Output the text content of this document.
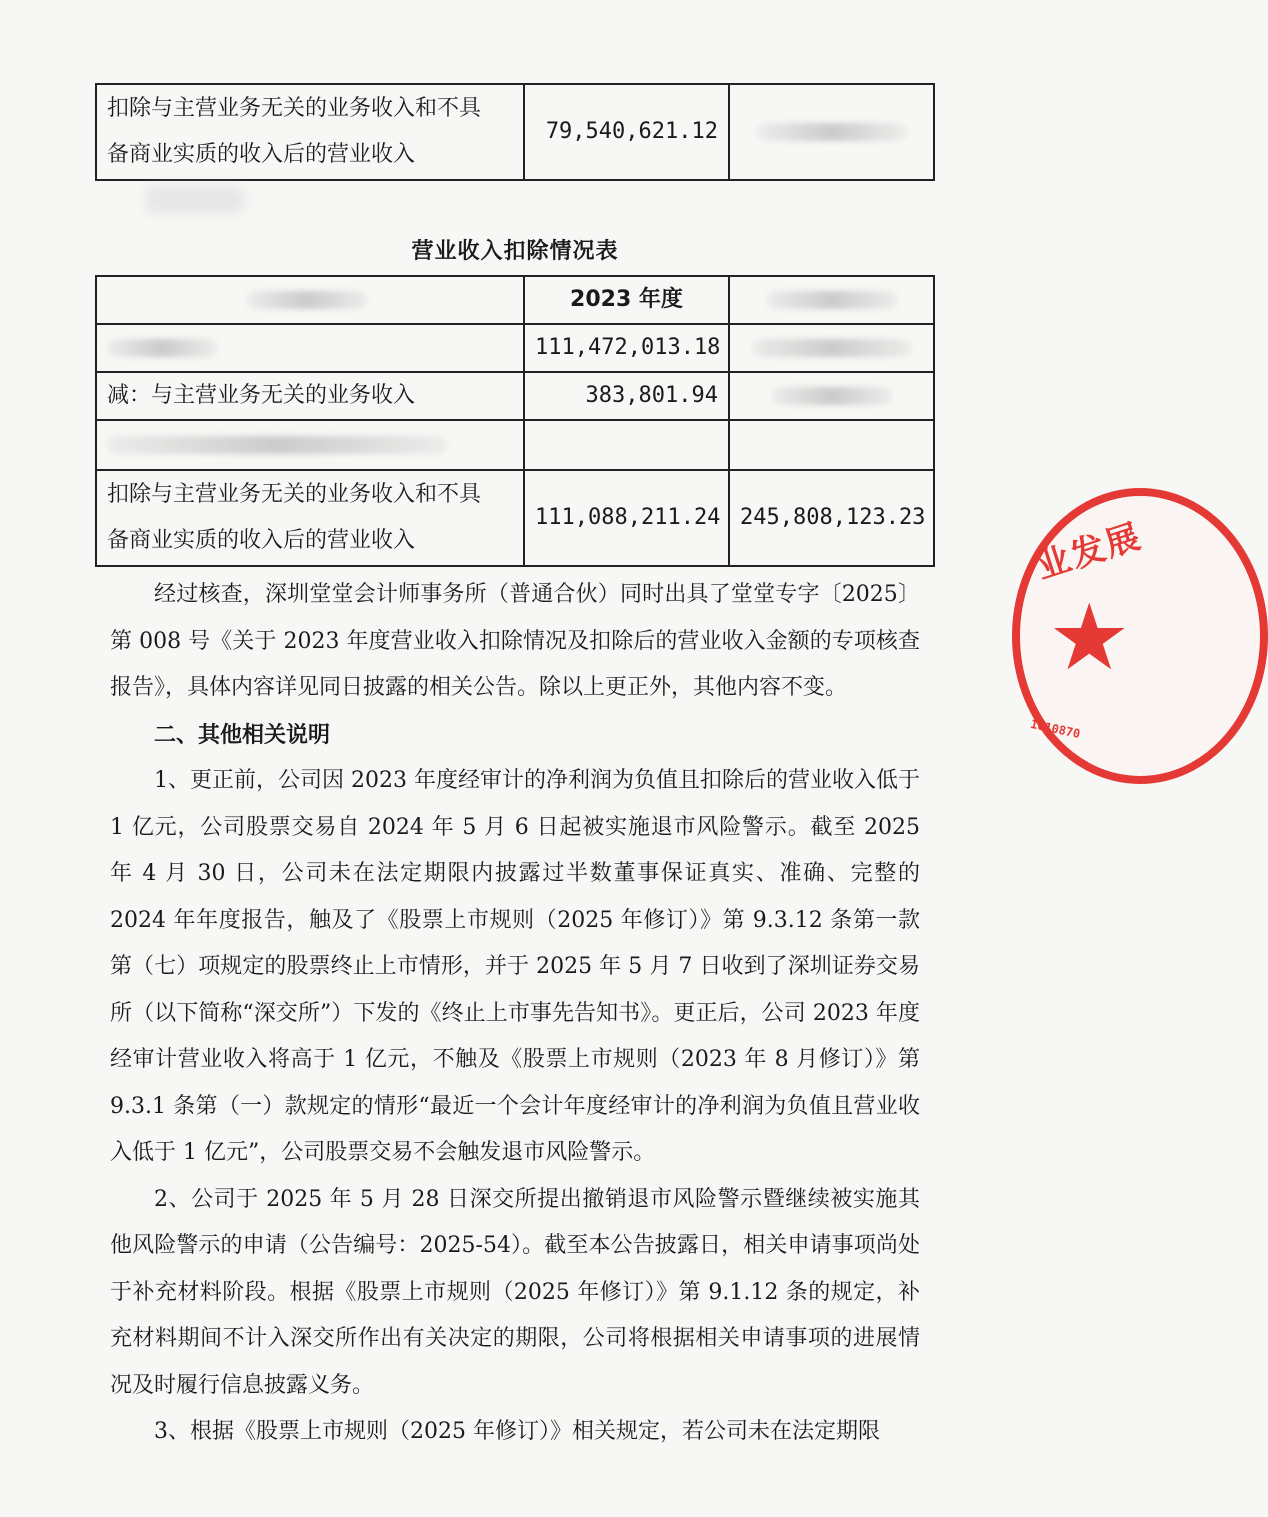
扣除与主营业务无关的业务收入和不具
备商业实质的收入后的营业收入
	79,540,621.12	
营业收入扣除情况表
	2023 年度	
	111,472,013.18	
减：与主营业务无关的业务收入	383,801.94	

扣除与主营业务无关的业务收入和不具
备商业实质的收入后的营业收入	111,088,211.24	245,808,123.23

经过核查，深圳堂堂会计师事务所（普通合伙）同时出具了堂堂专字〔2025〕第 008 号《关于 2023 年度营业收入扣除情况及扣除后的营业收入金额的专项核查报告》，具体内容详见同日披露的相关公告。除以上更正外，其他内容不变。

二、其他相关说明

1、更正前，公司因 2023 年度经审计的净利润为负值且扣除后的营业收入低于 1 亿元，公司股票交易自 2024 年 5 月 6 日起被实施退市风险警示。截至 2025 年 4 月 30 日，公司未在法定期限内披露过半数董事保证真实、准确、完整的 2024 年年度报告，触及了《股票上市规则（2025 年修订）》第 9.3.12 条第一款第（七）项规定的股票终止上市情形，并于 2025 年 5 月 7 日收到了深圳证券交易所（以下简称“深交所”）下发的《终止上市事先告知书》。更正后，公司 2023 年度经审计营业收入将高于 1 亿元，不触及《股票上市规则（2023 年 8 月修订）》第 9.3.1 条第（一）款规定的情形“最近一个会计年度经审计的净利润为负值且营业收入低于 1 亿元”，公司股票交易不会触发退市风险警示。

2、公司于 2025 年 5 月 28 日深交所提出撤销退市风险警示暨继续被实施其他风险警示的申请（公告编号：2025-54）。截至本公告披露日，相关申请事项尚处于补充材料阶段。根据《股票上市规则（2025 年修订）》第 9.1.12 条的规定，补充材料期间不计入深交所作出有关决定的期限，公司将根据相关申请事项的进展情况及时履行信息披露义务。

3、根据《股票上市规则（2025 年修订）》相关规定，若公司未在法定期限

业发展
★
1010870
